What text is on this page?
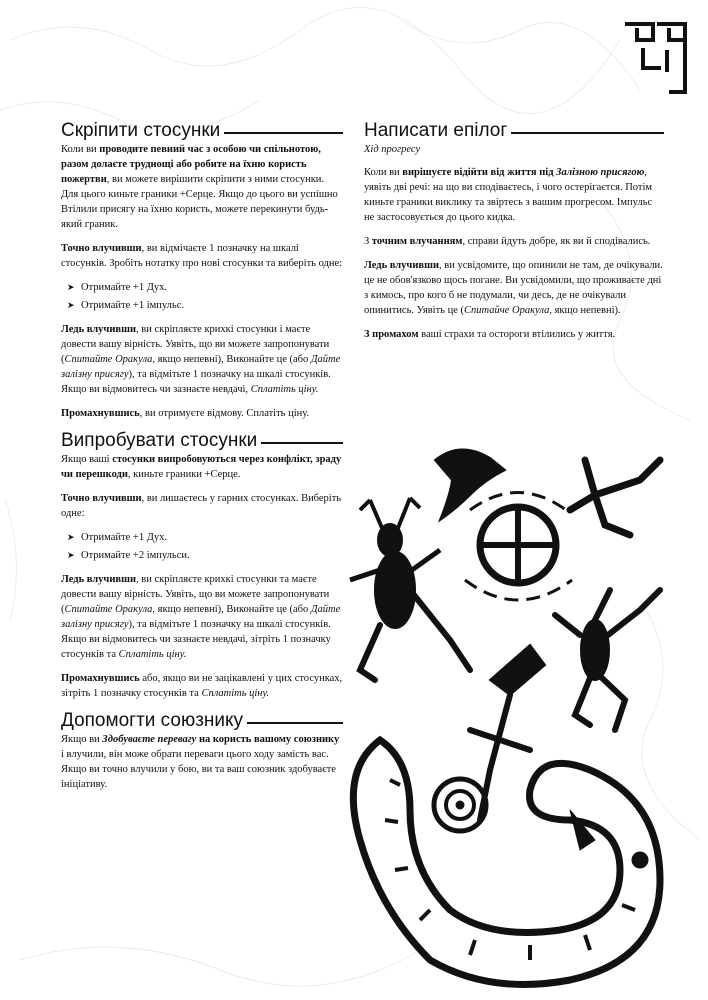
Скріпити стосунки

Коли ви проводите певний час з особою чи спільнотою, разом долаєте труднощі або робите на їхню користь пожертви, ви можете вирішити скріпити з ними стосунки. Для цього киньте граники +Серце. Якщо до цього ви успішно Втілили присягу на їхню користь, можете перекинути будь-який граник.

Точно влучивши, ви відмічаєте 1 позначку на шкалі стосунків. Зробіть нотатку про нові стосунки та виберіть одне:

➤ Отримайте +1 Дух.
➤ Отримайте +1 імпульс.

Ледь влучивши, ви скріпляєте крихкі стосунки і маєте довести вашу вірність. Уявіть, що ви можете запропонувати (Спитайте Оракула, якщо непевні), Виконайте це (або Дайте залізну присягу), та відмітьте 1 позначку на шкалі стосунків. Якщо ви відмовитесь чи зазнаєте невдачі, Сплатіть ціну.

Промахнувшись, ви отримуєте відмову. Сплатіть ціну.

Випробувати стосунки

Якщо ваші стосунки випробовуються через конфлікт, зраду чи перешкоди, киньте граники +Серце.

Точно влучивши, ви лишаєтесь у гарних стосунках. Виберіть одне:

➤ Отримайте +1 Дух.
➤ Отримайте +2 імпульси.

Ледь влучивши, ви скріпляєте крихкі стосунки та маєте довести вашу вірність. Уявіть, що ви можете запропонувати (Спитайте Оракула, якщо непевні), Виконайте це (або Дайте залізну присягу), та відмітьте 1 позначку на шкалі стосунків. Якщо ви відмовитесь чи зазнаєте невдачі, зітріть 1 позначку стосунків та Сплатіть ціну.

Промахнувшись або, якщо ви не зацікавлені у цих стосунках, зітріть 1 позначку стосунків та Сплатіть ціну.

Допомогти союзнику

Якщо ви Здобуваєте перевагу на користь вашому союзнику і влучили, він може обрати переваги цього ходу замість вас. Якщо ви точно влучили у бою, ви та ваш союзник здобуваєте ініціативу.

Написати епілог
Хід прогресу

Коли ви вирішуєте відійти від життя під Залізною присягою, уявіть дві речі: на що ви сподіваєтесь, і чого остерігаєтся. Потім киньте граники виклику та звіртесь з вашим прогресом. Імпульс не застосовується до цього кидка.

З точним влучанням, справи йдуть добре, як ви й сподівались.

Ледь влучивши, ви усвідомите, що опинили не там, де очікували. це не обов'язково щось погане. Ви усвідомили, що проживаєте дні з кимось, про кого б не подумали, чи десь, де не очікували опинитись. Уявіть це (Спитайче Оракула, якщо непевні).

З промахом ваші страхи та остороги втілились у життя.
